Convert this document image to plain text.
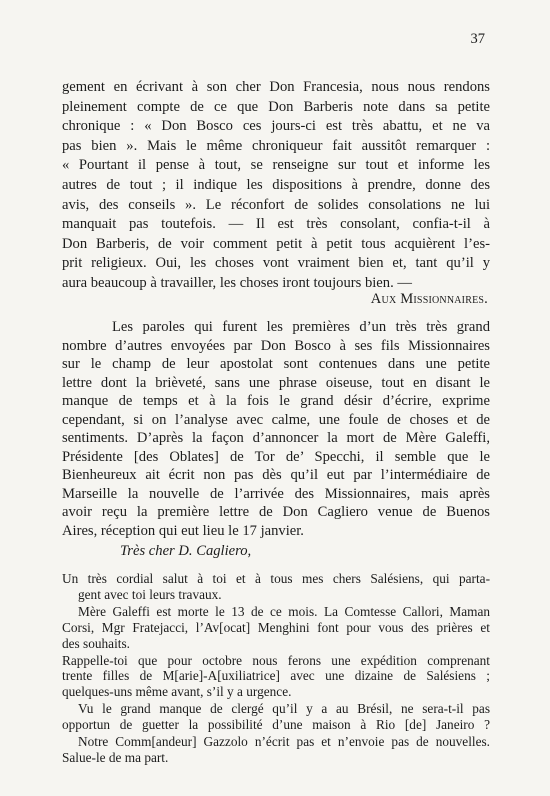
37
gement en écrivant à son cher Don Francesia, nous nous rendons
pleinement compte de ce que Don Barberis note dans sa petite
chronique : « Don Bosco ces jours-ci est très abattu, et ne va
pas bien ». Mais le même chroniqueur fait aussitôt remarquer :
« Pourtant il pense à tout, se renseigne sur tout et informe les
autres de tout ; il indique les dispositions à prendre, donne des
avis, des conseils ». Le réconfort de solides consolations ne lui
manquait pas toutefois. — Il est très consolant, confia-t-il à
Don Barberis, de voir comment petit à petit tous acquièrent l’es-
prit religieux. Oui, les choses vont vraiment bien et, tant qu’il y
aura beaucoup à travailler, les choses iront toujours bien. —
Aux Missionnaires.
Les paroles qui furent les premières d’un très très grand
nombre d’autres envoyées par Don Bosco à ses fils Missionnaires
sur le champ de leur apostolat sont contenues dans une petite
lettre dont la brièveté, sans une phrase oiseuse, tout en disant le
manque de temps et à la fois le grand désir d’écrire, exprime
cependant, si on l’analyse avec calme, une foule de choses et de
sentiments. D’après la façon d’annoncer la mort de Mère Galeffi,
Présidente [des Oblates] de Tor de’ Specchi, il semble que le
Bienheureux ait écrit non pas dès qu’il eut par l’intermédiaire de
Marseille la nouvelle de l’arrivée des Missionnaires, mais après
avoir reçu la première lettre de Don Cagliero venue de Buenos
Aires, réception qui eut lieu le 17 janvier.
Très cher D. Cagliero,
Un très cordial salut à toi et à tous mes chers Salésiens, qui parta-
gent avec toi leurs travaux.
Mère Galeffi est morte le 13 de ce mois. La Comtesse Callori, Maman
Corsi, Mgr Fratejacci, l’Av[ocat] Menghini font pour vous des prières et
des souhaits.
Rappelle-toi que pour octobre nous ferons une expédition comprenant
trente filles de M[arie]-A[uxiliatrice] avec une dizaine de Salésiens ;
quelques-uns même avant, s’il y a urgence.
Vu le grand manque de clergé qu’il y a au Brésil, ne sera-t-il pas
opportun de guetter la possibilité d’une maison à Rio [de] Janeiro ?
Notre Comm[andeur] Gazzolo n’écrit pas et n’envoie pas de nouvelles.
Salue-le de ma part.
